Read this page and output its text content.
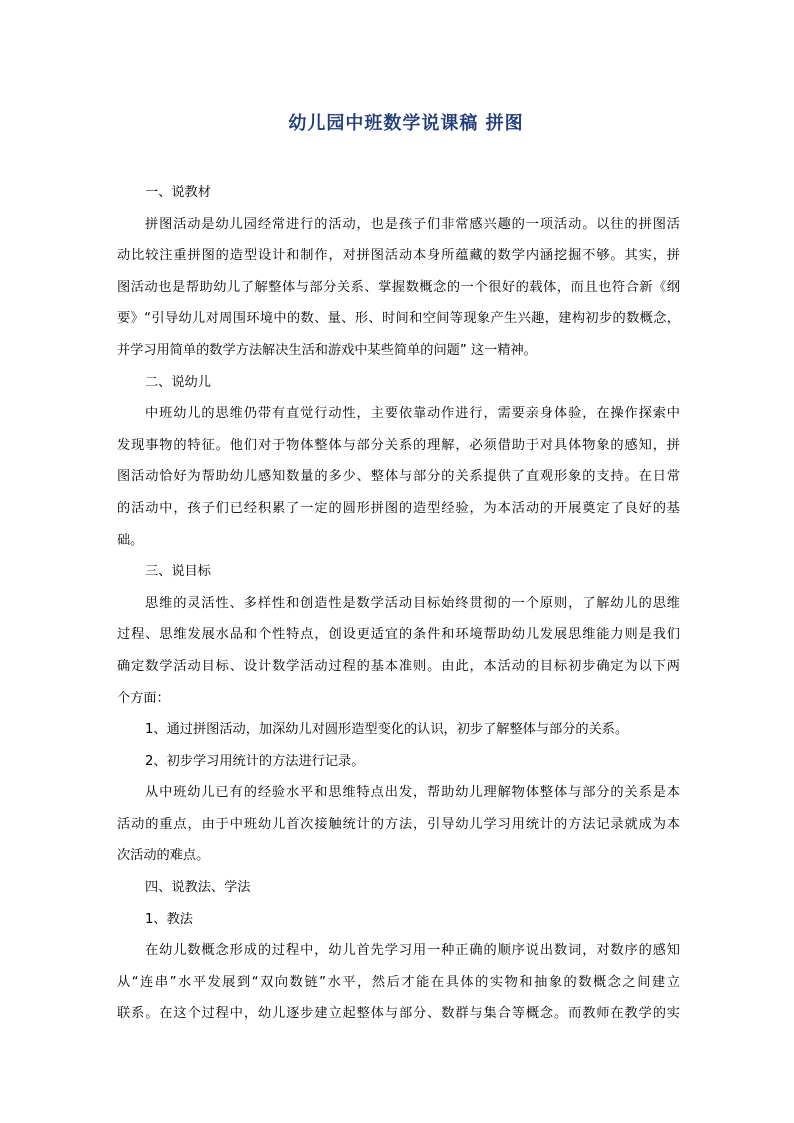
幼儿园中班数学说课稿 拼图
一、说教材
拼图活动是幼儿园经常进行的活动，也是孩子们非常感兴趣的一项活动。以往的拼图活
动比较注重拼图的造型设计和制作，对拼图活动本身所蕴藏的数学内涵挖掘不够。其实，拼
图活动也是帮助幼儿了解整体与部分关系、掌握数概念的一个很好的载体，而且也符合新《纲
要》“引导幼儿对周围环境中的数、量、形、时间和空间等现象产生兴趣，建构初步的数概念，
并学习用简单的数学方法解决生活和游戏中某些简单的问题” 这一精神。
二、说幼儿
中班幼儿的思维仍带有直觉行动性，主要依靠动作进行，需要亲身体验，在操作探索中
发现事物的特征。他们对于物体整体与部分关系的理解，必须借助于对具体物象的感知，拼
图活动恰好为帮助幼儿感知数量的多少、整体与部分的关系提供了直观形象的支持。在日常
的活动中，孩子们已经积累了一定的圆形拼图的造型经验，为本活动的开展奠定了良好的基
础。
三、说目标
思维的灵活性、多样性和创造性是数学活动目标始终贯彻的一个原则，了解幼儿的思维
过程、思维发展水品和个性特点，创设更适宜的条件和环境帮助幼儿发展思维能力则是我们
确定数学活动目标、设计数学活动过程的基本准则。由此，本活动的目标初步确定为以下两
个方面：
1、通过拼图活动，加深幼儿对圆形造型变化的认识，初步了解整体与部分的关系。
2、初步学习用统计的方法进行记录。
从中班幼儿已有的经验水平和思维特点出发，帮助幼儿理解物体整体与部分的关系是本
活动的重点，由于中班幼儿首次接触统计的方法，引导幼儿学习用统计的方法记录就成为本
次活动的难点。
四、说教法、学法
1、教法
在幼儿数概念形成的过程中，幼儿首先学习用一种正确的顺序说出数词，对数序的感知
从“连串”水平发展到“双向数链”水平，然后才能在具体的实物和抽象的数概念之间建立
联系。在这个过程中，幼儿逐步建立起整体与部分、数群与集合等概念。而教师在教学的实
